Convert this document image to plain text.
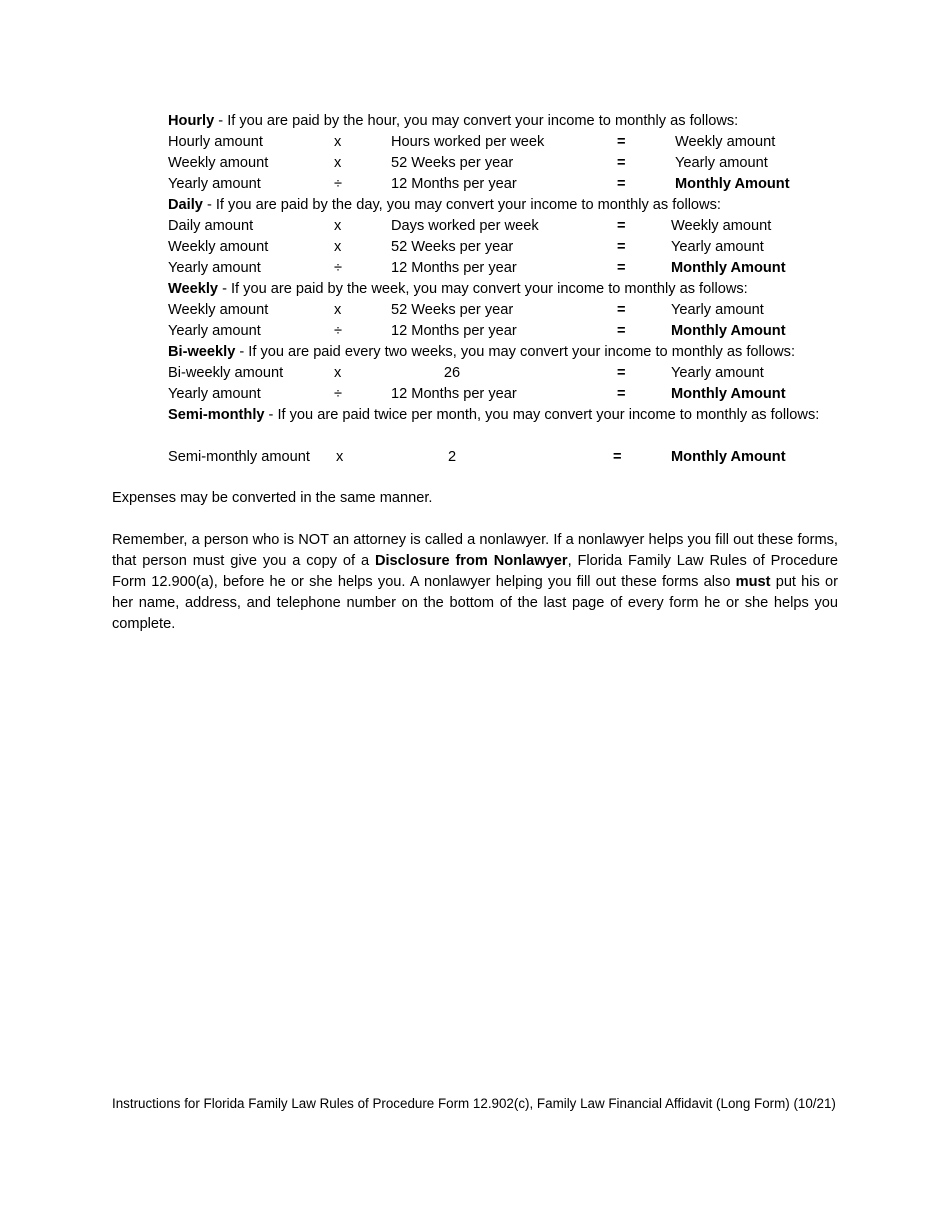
Hourly - If you are paid by the hour, you may convert your income to monthly as follows:
Hourly amount	x	Hours worked per week	=	Weekly amount
Weekly amount	x	52 Weeks per year	=	Yearly amount
Yearly amount	÷	12 Months per year	=	Monthly Amount
Daily - If you are paid by the day, you may convert your income to monthly as follows:
Daily amount	x	Days worked per week	=	Weekly amount
Weekly amount	x	52 Weeks per year	=	Yearly amount
Yearly amount	÷	12 Months per year	=	Monthly Amount
Weekly - If you are paid by the week, you may convert your income to monthly as follows:
Weekly amount	x	52 Weeks per year	=	Yearly amount
Yearly amount	÷	12 Months per year	=	Monthly Amount
Bi-weekly - If you are paid every two weeks, you may convert your income to monthly as follows:
Bi-weekly amount	x	26	=	Yearly amount
Yearly amount	÷	12 Months per year	=	Monthly Amount
Semi-monthly - If you are paid twice per month, you may convert your income to monthly as follows:
Semi-monthly amount x	2	=	Monthly Amount
Expenses may be converted in the same manner.
Remember, a person who is NOT an attorney is called a nonlawyer. If a nonlawyer helps you fill out these forms, that person must give you a copy of a Disclosure from Nonlawyer, Florida Family Law Rules of Procedure Form 12.900(a), before he or she helps you. A nonlawyer helping you fill out these forms also must put his or her name, address, and telephone number on the bottom of the last page of every form he or she helps you complete.
Instructions for Florida Family Law Rules of Procedure Form 12.902(c), Family Law Financial Affidavit (Long Form) (10/21)
